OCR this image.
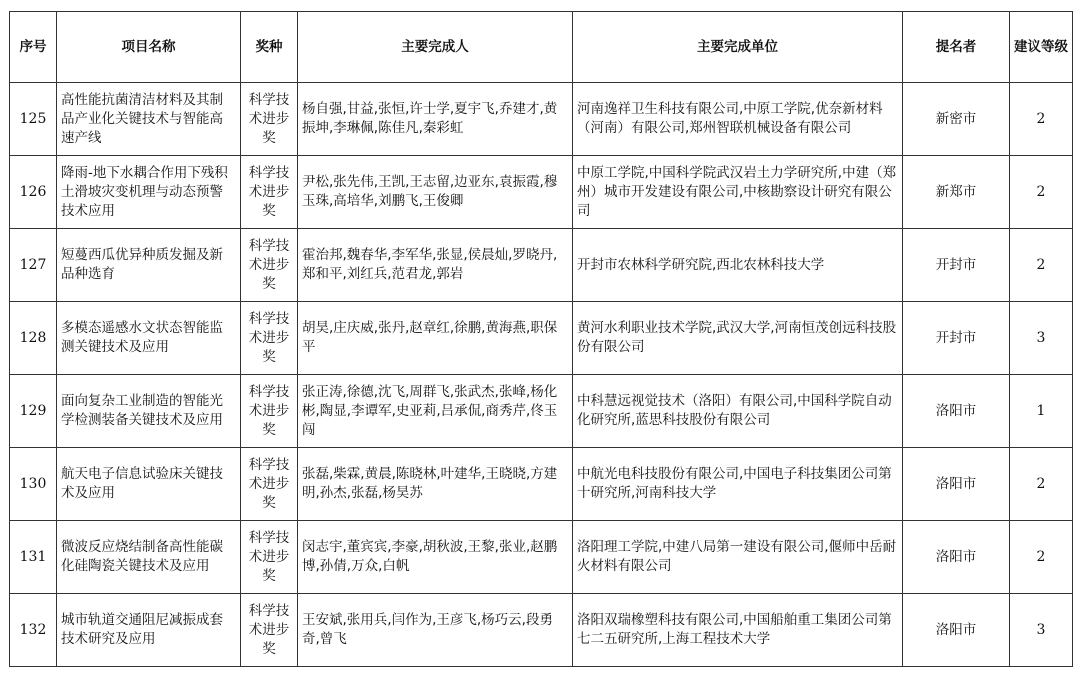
序号	项目名称	奖种	主要完成人	主要完成单位	提名者	建议等级
125	高性能抗菌清洁材料及其制品产业化关键技术与智能高速产线	科学技术进步奖	杨自强,甘益,张恒,许士学,夏宇飞,乔建才,黄振坤,李琳佩,陈佳凡,秦彩虹	河南逸祥卫生科技有限公司,中原工学院,优奈新材料（河南）有限公司,郑州智联机械设备有限公司	新密市	2
126	降雨-地下水耦合作用下残积土滑坡灾变机理与动态预警技术应用	科学技术进步奖	尹松,张先伟,王凯,王志留,边亚东,袁振霞,穆玉珠,高培华,刘鹏飞,王俊卿	中原工学院,中国科学院武汉岩土力学研究所,中建（郑州）城市开发建设有限公司,中核勘察设计研究有限公司	新郑市	2
127	短蔓西瓜优异种质发掘及新品种选育	科学技术进步奖	霍治邦,魏春华,李军华,张显,侯晨灿,罗晓丹,郑和平,刘红兵,范君龙,郭岩	开封市农林科学研究院,西北农林科技大学	开封市	2
128	多模态遥感水文状态智能监测关键技术及应用	科学技术进步奖	胡昊,庄庆威,张丹,赵章红,徐鹏,黄海燕,职保平	黄河水利职业技术学院,武汉大学,河南恒茂创远科技股份有限公司	开封市	3
129	面向复杂工业制造的智能光学检测装备关键技术及应用	科学技术进步奖	张正涛,徐德,沈飞,周群飞,张武杰,张峰,杨化彬,陶显,李谭军,史亚莉,吕承侃,商秀芹,佟玉闯	中科慧远视觉技术（洛阳）有限公司,中国科学院自动化研究所,蓝思科技股份有限公司	洛阳市	1
130	航天电子信息试验床关键技术及应用	科学技术进步奖	张磊,柴霖,黄晨,陈晓林,叶建华,王晓晓,方建明,孙杰,张磊,杨昊苏	中航光电科技股份有限公司,中国电子科技集团公司第十研究所,河南科技大学	洛阳市	2
131	微波反应烧结制备高性能碳化硅陶瓷关键技术及应用	科学技术进步奖	闵志宇,董宾宾,李豪,胡秋波,王黎,张业,赵鹏博,孙倩,万众,白帆	洛阳理工学院,中建八局第一建设有限公司,偃师中岳耐火材料有限公司	洛阳市	2
132	城市轨道交通阻尼减振成套技术研究及应用	科学技术进步奖	王安斌,张用兵,闫作为,王彦飞,杨巧云,段勇奇,曾飞	洛阳双瑞橡塑科技有限公司,中国船舶重工集团公司第七二五研究所,上海工程技术大学	洛阳市	3
